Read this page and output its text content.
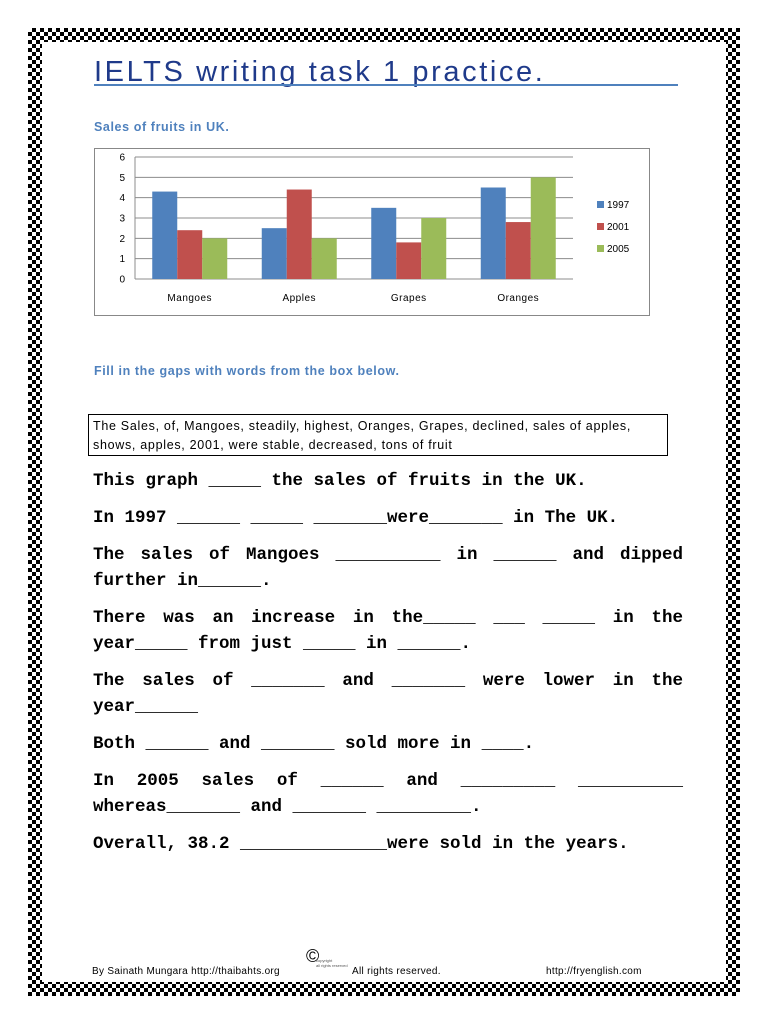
IELTS writing task 1 practice.
Sales of fruits in UK.
0
1
2
3
4
5
6
Mangoes	Apples	Grapes	Oranges
1997
2001
2005
Fill in the gaps with words from the box below.
The Sales, of, Mangoes, steadily, highest, Oranges, Grapes, declined, sales of apples, shows, apples, 2001, were stable, decreased, tons of fruit
This graph _____ the sales of fruits in the UK.
In 1997 ______ _____ _______were_______ in The UK.
The sales of Mangoes __________ in ______ and dipped further in______.
There was an increase in the_____ ___ _____ in the year_____ from just _____ in ______.
The sales of _______ and _______ were lower in the year______
Both ______ and _______ sold more in ____.
In 2005 sales of ______ and _________ __________ whereas_______ and _______ _________.
Overall, 38.2 ______________were sold in the years.
By Sainath Mungara http://thaibahts.org
©
copyright
all rights reserved
All rights reserved.	http://fryenglish.com
